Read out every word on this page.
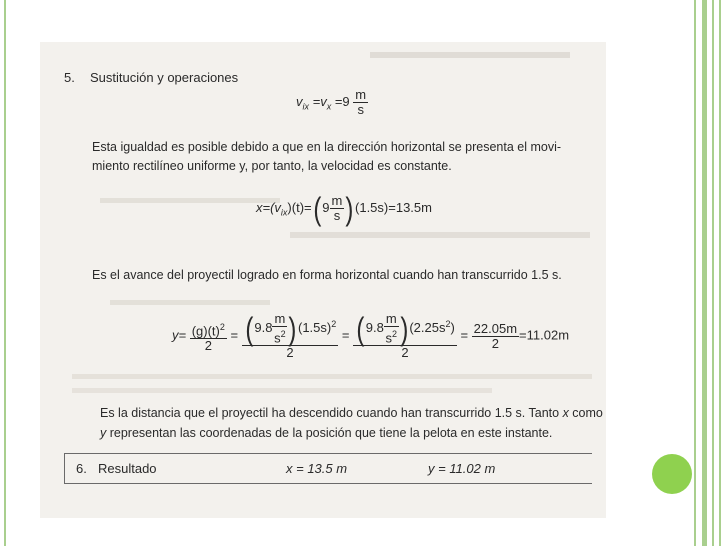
5. Sustitución y operaciones
$v_{ix} =v_x =9 \frac{m}{s}$
Esta igualdad es posible debido a que en la dirección horizontal se presenta el movi-
miento rectilíneo uniforme y, por tanto, la velocidad es constante.
$x=(v_{ix})(t)=(9 \frac{m}{s} )(1.5s)=13.5m$
Es el avance del proyectil logrado en forma horizontal cuando han transcurrido 1.5 s.
$y= \frac{(g)(t)^2}{2} = \frac{(9.8 \frac{m}{s^2} )(1.5s)^2}{2} = \frac{(9.8 \frac{m}{s^2} )(2.25s^2)}{2} = \frac{22.05m}{2} =11.02m$
Es la distancia que el proyectil ha descendido cuando han transcurrido 1.5 s. Tanto x como
y representan las coordenadas de la posición que tiene la pelota en este instante.
6. Resultado	x = 13.5 m	y = 11.02 m
